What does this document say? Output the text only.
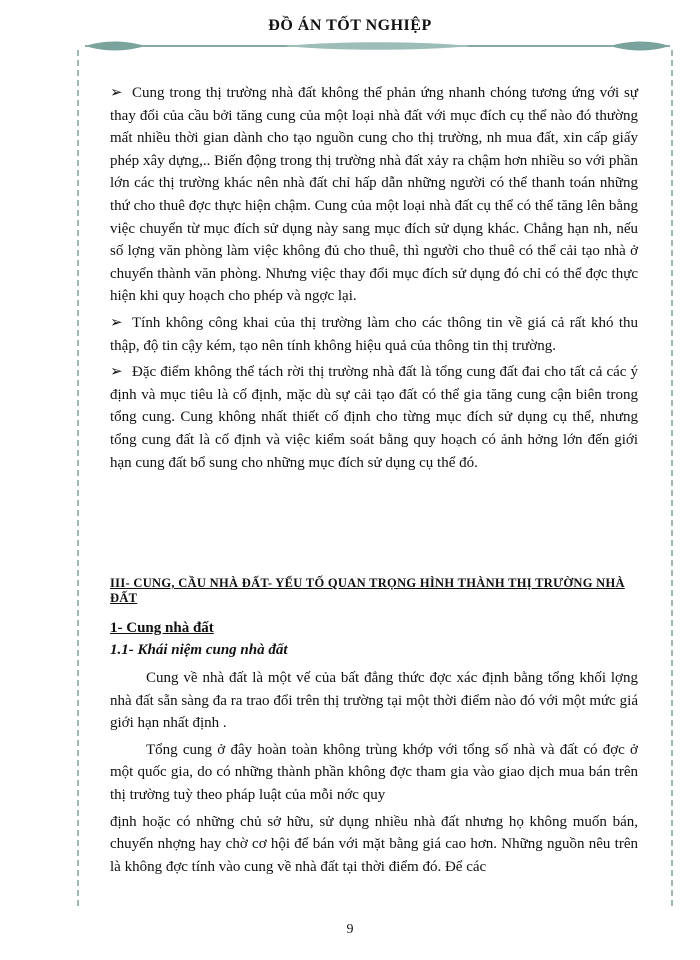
ĐỒ ÁN TỐT NGHIỆP

➢ Cung trong thị trường nhà đất không thể phản ứng nhanh chóng tương ứng với sự thay đổi của cầu bởi tăng cung của một loại nhà đất với mục đích cụ thể nào đó thường mất nhiều thời gian dành cho tạo nguồn cung cho thị trường, nh mua đất, xin cấp giấy phép xây dựng,.. Biến động trong thị trường nhà đất xảy ra chậm hơn nhiều so với phần lớn các thị trường khác nên nhà đất chỉ hấp dẫn những người có thể thanh toán những thứ cho thuê đợc thực hiện chậm. Cung của một loại nhà đất cụ thể có thể tăng lên bằng việc chuyển từ mục đích sử dụng này sang mục đích sử dụng khác. Chẳng hạn nh, nếu số lợng văn phòng làm việc không đủ cho thuê, thì người cho thuê có thể cải tạo nhà ở chuyển thành văn phòng. Nhưng việc thay đổi mục đích sử dụng đó chỉ có thể đợc thực hiện khi quy hoạch cho phép và ngợc lại.

➢ Tính không công khai của thị trường làm cho các thông tin về giá cả rất khó thu thập, độ tin cậy kém, tạo nên tính không hiệu quả của thông tin thị trường.

➢ Đặc điểm không thể tách rời thị trường nhà đất là tổng cung đất đai cho tất cả các ý định và mục tiêu là cố định, mặc dù sự cải tạo đất có thể gia tăng cung cận biên trong tổng cung. Cung không nhất thiết cố định cho từng mục đích sử dụng cụ thể, nhưng tổng cung đất là cố định và việc kiểm soát bằng quy hoạch có ảnh hởng lớn đến giới hạn cung đất bổ sung cho những mục đích sử dụng cụ thể đó.

III- CUNG, CẦU NHÀ ĐẤT- YẾU TỐ QUAN TRỌNG HÌNH THÀNH THỊ TRƯỜNG NHÀ ĐẤT
1- Cung nhà đất
1.1- Khái niệm cung nhà đất

Cung về nhà đất là một vế của bất đẳng thức đợc xác định bằng tổng khối lợng nhà đất sẵn sàng đa ra trao đổi trên thị trường tại một thời điểm nào đó với một mức giá giới hạn nhất định .

Tổng cung ở đây hoàn toàn không trùng khớp với tổng số nhà và đất có đợc ở một quốc gia, do có những thành phần không đợc tham gia vào giao dịch mua bán trên thị trường tuỳ theo pháp luật của mỗi nớc quy

định hoặc có những chủ sở hữu, sử dụng nhiều nhà đất nhưng họ không muốn bán, chuyển nhợng hay chờ cơ hội để bán với mặt bằng giá cao hơn. Những nguồn nêu trên là không đợc tính vào cung về nhà đất tại thời điểm đó. Để các

9
